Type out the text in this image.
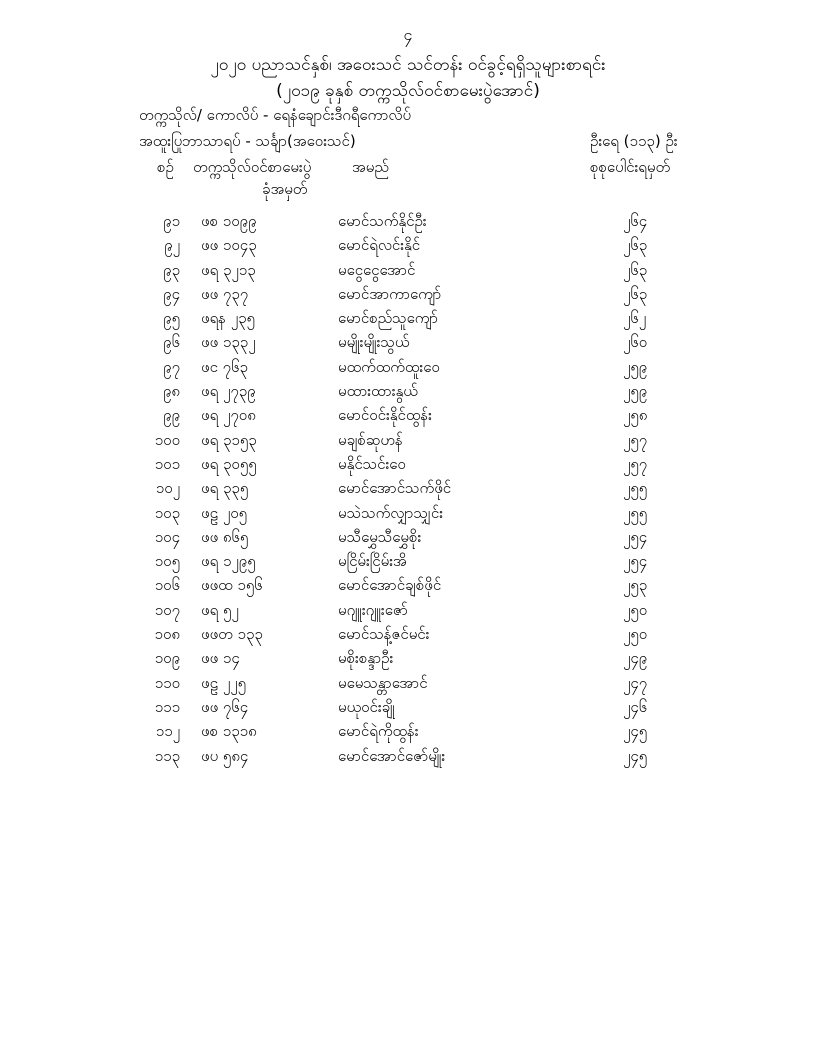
၄
၂၀၂၀ ပညာသင်နှစ်၊ အဝေးသင် သင်တန်း ဝင်ခွင့်ရရှိသူများစာရင်း
(၂၀၁၉ ခုနှစ် တက္ကသိုလ်ဝင်စာမေးပွဲအောင်)
တက္ကသိုလ်/ ကောလိပ် - ရေနံချောင်းဒီဂရီကောလိပ်
အထူးပြုဘာသာရပ် - သင်္ချာ(အဝေးသင်)	ဦးရေ (၁၁၃) ဦး
စဉ် တက္ကသိုလ်ဝင်စာမေးပွဲ
ခုံအမှတ်
အမည်	စုစုပေါင်းရမှတ်
၉၁ ဖစ ၁၀၉၉	မောင်သက်နိုင်ဦး	၂၆၄
၉၂ ဖဖ ၁၀၄၃	မောင်ရဲလင်းနိုင်	၂၆၃
၉၃ ဖရ ၃၂၁၃	မငွေငွေအောင်	၂၆၃
၉၄ ဖဖ ၇၃၇	မောင်အာကာကျော်	၂၆၃
၉၅ ဖရန ၂၃၅	မောင်စည်သူကျော်	၂၆၂
၉၆ ဖဖ ၁၃၃၂	မမျိုးမျိုးသွယ်	၂၆၀
၉၇ ဖင ၇၆၃	မထက်ထက်ထူးဝေ	၂၅၉
၉၈ ဖရ ၂၇၃၉	မထားထားနွယ်	၂၅၉
၉၉ ဖရ ၂၇၀၈	မောင်ဝင်းနိုင်ထွန်း	၂၅၈
၁၀၀ ဖရ ၃၁၅၃	မချစ်ဆုဟန်	၂၅၇
၁၀၁ ဖရ ၃၀၅၅	မနိုင်သင်းဝေ	၂၅၇
၁၀၂ ဖရ ၃၃၅	မောင်အောင်သက်ဖိုင်	၂၅၅
၁၀၃ ဖဠ ၂၀၅	မသဲသက်လျှာသျှင်း	၂၅၅
၁၀၄ ဖဖ ၈၆၅	မသီမွှေသီမွှေစိုး	၂၅၄
၁၀၅ ဖရ ၁၂၉၅	မငြိမ်းငြိမ်းအိ	၂၅၄
၁၀၆ ဖဖထ ၁၅၆	မောင်အောင်ချစ်ဖိုင်	၂၅၃
၁၀၇ ဖရ ၅၂	မဂျူးဂျူးဇော်	၂၅၀
၁၀၈ ဖဖတ ၁၃၃	မောင်သန့်ဇင်မင်း	၂၅၀
၁၀၉ ဖဖ ၁၄	မစိုးစန္ဒာဦး	၂၄၉
၁၁၀ ဖဠ ၂၂၅	မမေသန္တာအောင်	၂၄၇
၁၁၁ ဖဖ ၇၆၄	မယုဝင်းချို	၂၄၆
၁၁၂ ဖစ ၁၃၁၈	မောင်ရဲကိုထွန်း	၂၄၅
၁၁၃ ဖပ ၅၈၄	မောင်အောင်ဇော်မျိုး	၂၄၅
